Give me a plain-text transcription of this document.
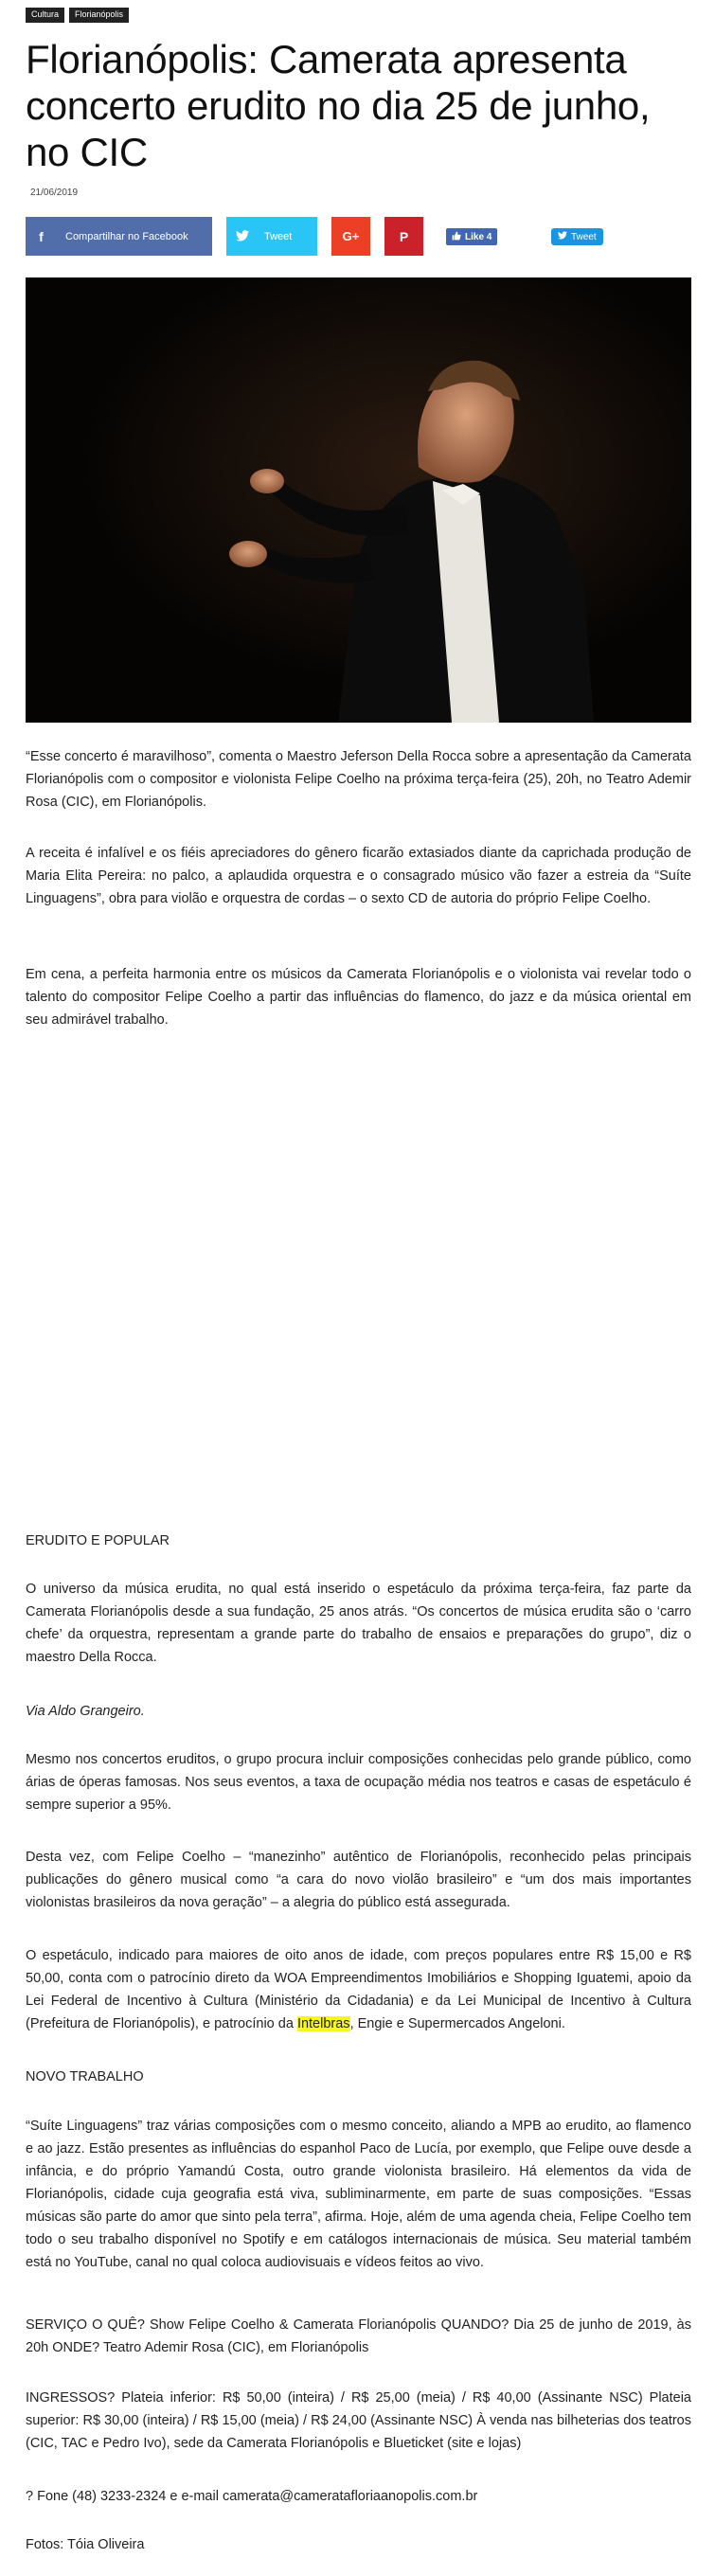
Cultura	Florianópolis
Florianópolis: Camerata apresenta concerto erudito no dia 25 de junho, no CIC
21/06/2019
f	Compartilhar no Facebook	Tweet	G+	P	Like 4	Tweet

“Esse concerto é maravilhoso”, comenta o Maestro Jeferson Della Rocca sobre a apresentação da Camerata Florianópolis com o compositor e violonista Felipe Coelho na próxima terça-feira (25), 20h, no Teatro Ademir Rosa (CIC), em Florianópolis.

A receita é infalível e os fiéis apreciadores do gênero ficarão extasiados diante da caprichada produção de Maria Elita Pereira: no palco, a aplaudida orquestra e o consagrado músico vão fazer a estreia da “Suíte Linguagens”, obra para violão e orquestra de cordas – o sexto CD de autoria do próprio Felipe Coelho.

Em cena, a perfeita harmonia entre os músicos da Camerata Florianópolis e o violonista vai revelar todo o talento do compositor Felipe Coelho a partir das influências do flamenco, do jazz e da música oriental em seu admirável trabalho.

ERUDITO E POPULAR

O universo da música erudita, no qual está inserido o espetáculo da próxima terça-feira, faz parte da Camerata Florianópolis desde a sua fundação, 25 anos atrás. “Os concertos de música erudita são o ‘carro chefe’ da orquestra, representam a grande parte do trabalho de ensaios e preparações do grupo”, diz o maestro Della Rocca.

Via Aldo Grangeiro.

Mesmo nos concertos eruditos, o grupo procura incluir composições conhecidas pelo grande público, como árias de óperas famosas. Nos seus eventos, a taxa de ocupação média nos teatros e casas de espetáculo é sempre superior a 95%.

Desta vez, com Felipe Coelho – “manezinho” autêntico de Florianópolis, reconhecido pelas principais publicações do gênero musical como “a cara do novo violão brasileiro” e “um dos mais importantes violonistas brasileiros da nova geração” – a alegria do público está assegurada.

O espetáculo, indicado para maiores de oito anos de idade, com preços populares entre R$ 15,00 e R$ 50,00, conta com o patrocínio direto da WOA Empreendimentos Imobiliários e Shopping Iguatemi, apoio da Lei Federal de Incentivo à Cultura (Ministério da Cidadania) e da Lei Municipal de Incentivo à Cultura (Prefeitura de Florianópolis), e patrocínio da Intelbras, Engie e Supermercados Angeloni.

NOVO TRABALHO

“Suíte Linguagens” traz várias composições com o mesmo conceito, aliando a MPB ao erudito, ao flamenco e ao jazz. Estão presentes as influências do espanhol Paco de Lucía, por exemplo, que Felipe ouve desde a infância, e do próprio Yamandú Costa, outro grande violonista brasileiro. Há elementos da vida de Florianópolis, cidade cuja geografia está viva, subliminarmente, em parte de suas composições. “Essas músicas são parte do amor que sinto pela terra”, afirma. Hoje, além de uma agenda cheia, Felipe Coelho tem todo o seu trabalho disponível no Spotify e em catálogos internacionais de música. Seu material também está no YouTube, canal no qual coloca audiovisuais e vídeos feitos ao vivo.

SERVIÇO O QUÊ? Show Felipe Coelho & Camerata Florianópolis QUANDO? Dia 25 de junho de 2019, às 20h ONDE? Teatro Ademir Rosa (CIC), em Florianópolis

INGRESSOS? Plateia inferior: R$ 50,00 (inteira) / R$ 25,00 (meia) / R$ 40,00 (Assinante NSC) Plateia superior: R$ 30,00 (inteira) / R$ 15,00 (meia) / R$ 24,00 (Assinante NSC) À venda nas bilheterias dos teatros (CIC, TAC e Pedro Ivo), sede da Camerata Florianópolis e Blueticket (site e lojas)

? Fone (48) 3233-2324 e e-mail camerata@cameratafloriaanopolis.com.br

Fotos: Tóia Oliveira
